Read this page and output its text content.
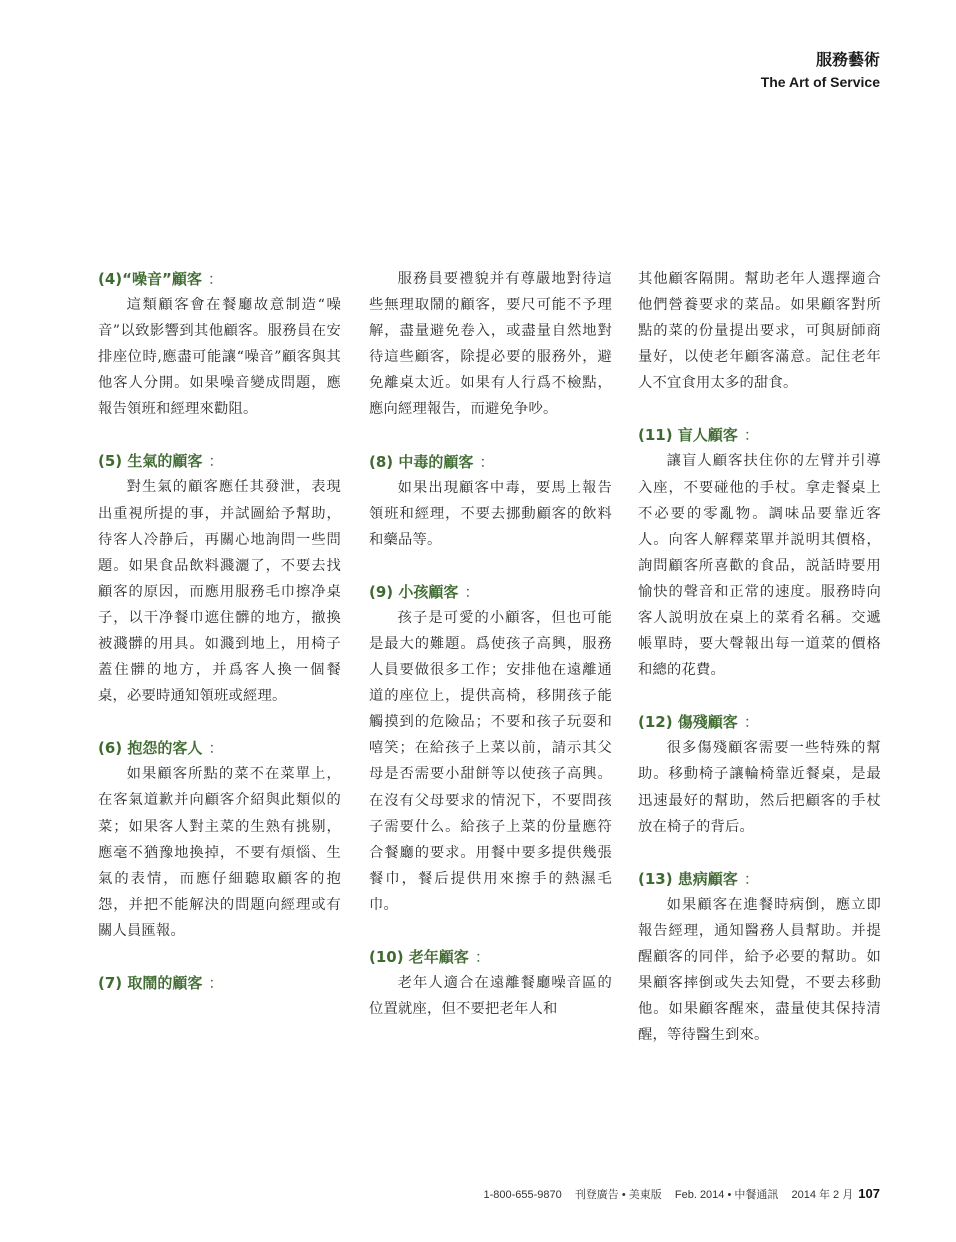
服務藝術
The Art of Service
(4)“噪音”顧客 ：

這類顧客會在餐廳故意制造“噪音”以致影響到其他顧客。服務員在安排座位時,應盡可能讓“噪音”顧客與其他客人分開。如果噪音變成問題，應報告領班和經理來勸阻。

(5) 生氣的顧客 ：

對生氣的顧客應任其發泄，表現出重視所提的事，并試圖給予幫助，待客人冷静后，再關心地詢問一些問題。如果食品飲料濺灑了，不要去找顧客的原因，而應用服務毛巾擦净桌子，以干净餐巾遮住髒的地方，撤換被濺髒的用具。如濺到地上，用椅子蓋住髒的地方，并爲客人換一個餐桌，必要時通知領班或經理。

(6) 抱怨的客人 ：

如果顧客所點的菜不在菜單上，在客氣道歉并向顧客介紹與此類似的菜；如果客人對主菜的生熟有挑剔，應毫不猶豫地換掉，不要有煩惱、生氣的表情，而應仔細聽取顧客的抱怨，并把不能解決的問題向經理或有關人員匯報。

(7) 取鬧的顧客 ：

服務員要禮貌并有尊嚴地對待這些無理取鬧的顧客，要尺可能不予理解，盡量避免卷入，或盡量自然地對待這些顧客，除提必要的服務外，避免離桌太近。如果有人行爲不檢點，應向經理報告，而避免争吵。

(8) 中毒的顧客 ：

如果出現顧客中毒，要馬上報告領班和經理，不要去挪動顧客的飲料和藥品等。

(9) 小孩顧客 ：

孩子是可愛的小顧客，但也可能是最大的難題。爲使孩子高興，服務人員要做很多工作；安排他在遠離通道的座位上，提供高椅，移開孩子能觸摸到的危險品；不要和孩子玩耍和嘻笑；在給孩子上菜以前，請示其父母是否需要小甜餅等以使孩子高興。在沒有父母要求的情況下，不要問孩子需要什么。給孩子上菜的份量應符合餐廳的要求。用餐中要多提供幾張餐巾，餐后提供用來擦手的熱濕毛巾。

(10) 老年顧客 ：

老年人適合在遠離餐廳噪音區的位置就座，但不要把老年人和

其他顧客隔開。幫助老年人選擇適合他們營養要求的菜品。如果顧客對所點的菜的份量提出要求，可與厨師商量好，以使老年顧客滿意。記住老年人不宜食用太多的甜食。

(11) 盲人顧客 ：

讓盲人顧客扶住你的左臂并引導入座，不要碰他的手杖。拿走餐桌上不必要的零亂物。調味品要靠近客人。向客人解釋菜單并説明其價格，詢問顧客所喜歡的食品，説話時要用愉快的聲音和正常的速度。服務時向客人説明放在桌上的菜肴名稱。交遞帳單時，要大聲報出每一道菜的價格和總的花費。

(12) 傷殘顧客 ：

很多傷殘顧客需要一些特殊的幫助。移動椅子讓輪椅靠近餐桌，是最迅速最好的幫助，然后把顧客的手杖放在椅子的背后。

(13) 患病顧客 ：

如果顧客在進餐時病倒，應立即報告經理，通知醫務人員幫助。并提醒顧客的同伴，給予必要的幫助。如果顧客摔倒或失去知覺，不要去移動他。如果顧客醒來，盡量使其保持清醒，等待醫生到來。

1-800-655-9870 刊登廣告 • 美東版 Feb. 2014 • 中餐通訊 2014 年 2 月 107
